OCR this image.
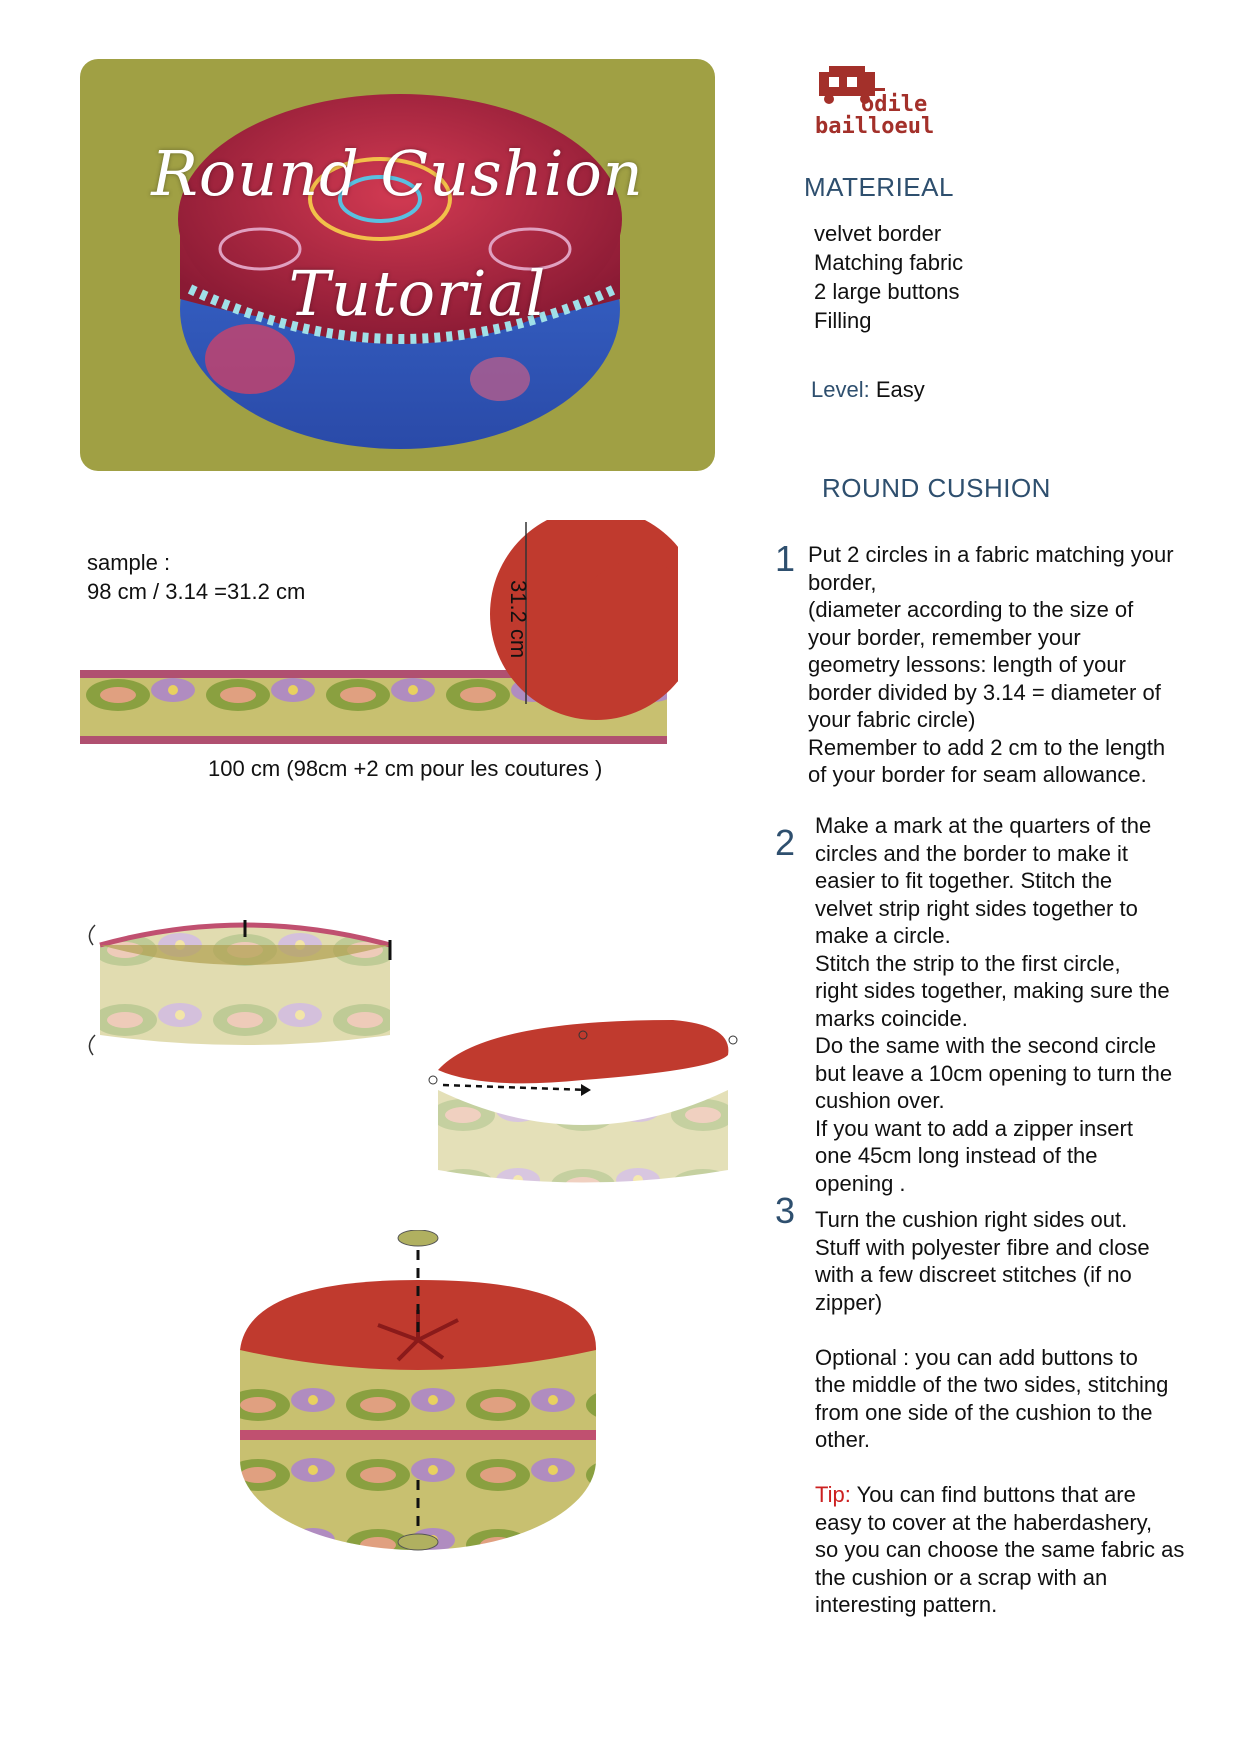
Round Cushion
Tutorial
odile
bailloeul
MATERIEAL
velvet border
Matching fabric
2 large buttons
Filling
Level: Easy
ROUND CUSHION
sample :
98 cm / 3.14 =31.2 cm	31.2 cm
100 cm (98cm +2 cm pour les coutures )
1 Put 2 circles in a fabric matching your
border,
(diameter according to the size of
your border, remember your
geometry lessons: length of your
border divided by 3.14 = diameter of
your fabric circle)
Remember to add 2 cm to the length
of your border for seam allowance.
2 Make a mark at the quarters of the
circles and the border to make it
easier to fit together. Stitch the
velvet strip right sides together to
make a circle.
Stitch the strip to the first circle,
right sides together, making sure the
marks coincide.
Do the same with the second circle
but leave a 10cm opening to turn the
cushion over.
If you want to add a zipper insert
one 45cm long instead of the
opening .
3 Turn the cushion right sides out.
Stuff with polyester fibre and close
with a few discreet stitches (if no
zipper)
Optional : you can add buttons to
the middle of the two sides, stitching
from one side of the cushion to the
other.
Tip: You can find buttons that are
easy to cover at the haberdashery,
so you can choose the same fabric as
the cushion or a scrap with an
interesting pattern.
